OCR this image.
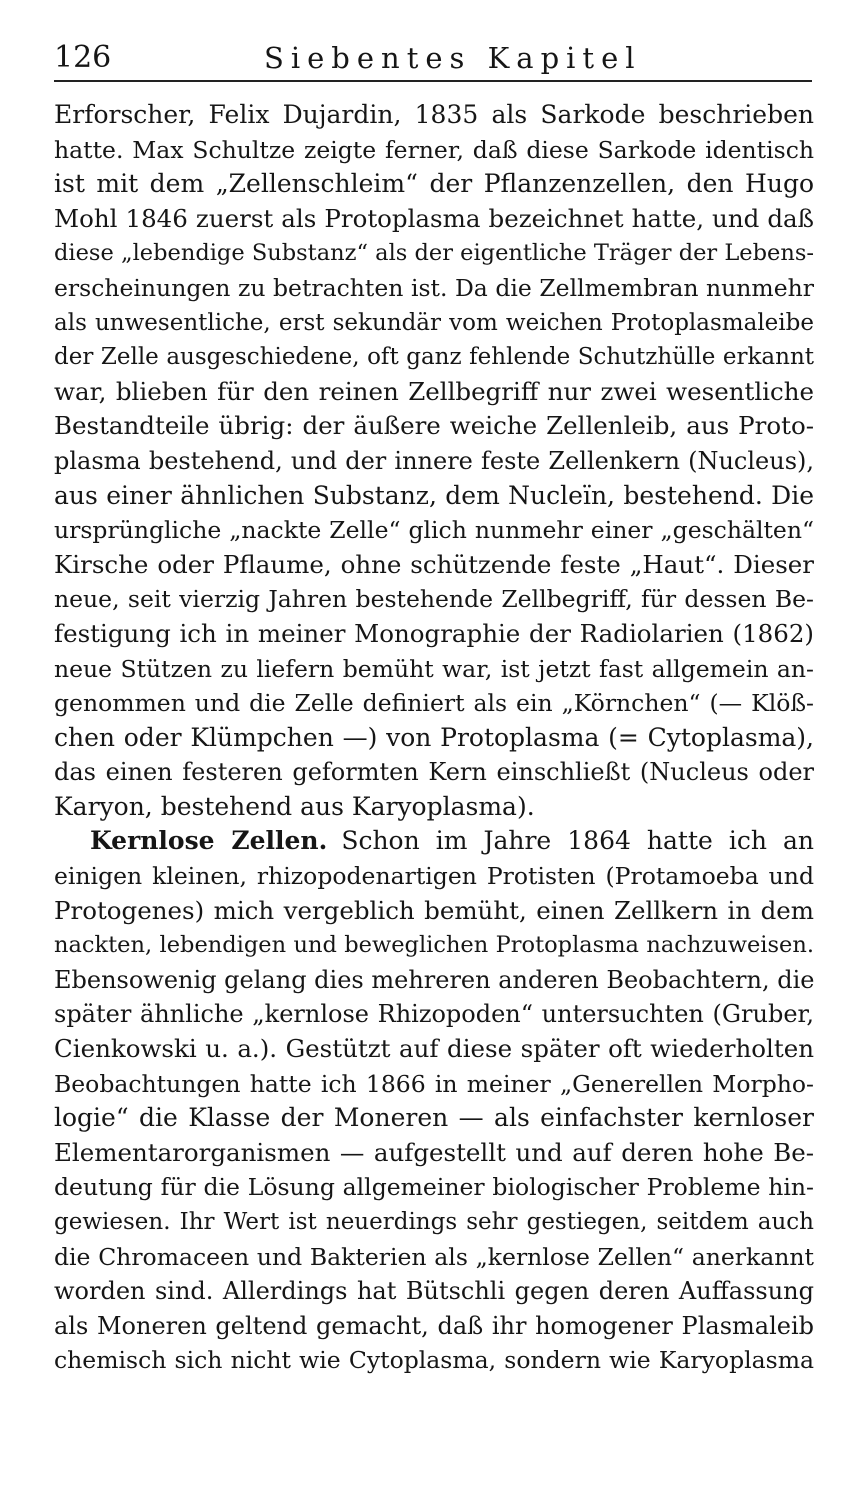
126	Siebentes Kapitel
Erforscher, Felix Dujardin, 1835 als Sarkode beschrieben
hatte. Max Schultze zeigte ferner, daß diese Sarkode identisch
ist mit dem „Zellenschleim“ der Pflanzenzellen, den Hugo
Mohl 1846 zuerst als Protoplasma bezeichnet hatte, und daß
diese „lebendige Substanz“ als der eigentliche Träger der Lebens-
erscheinungen zu betrachten ist. Da die Zellmembran nunmehr
als unwesentliche, erst sekundär vom weichen Protoplasmaleibe
der Zelle ausgeschiedene, oft ganz fehlende Schutzhülle erkannt
war, blieben für den reinen Zellbegriff nur zwei wesentliche
Bestandteile übrig: der äußere weiche Zellenleib, aus Proto-
plasma bestehend, und der innere feste Zellenkern (Nucleus),
aus einer ähnlichen Substanz, dem Nucleïn, bestehend. Die
ursprüngliche „nackte Zelle“ glich nunmehr einer „geschälten“
Kirsche oder Pflaume, ohne schützende feste „Haut“. Dieser
neue, seit vierzig Jahren bestehende Zellbegriff, für dessen Be-
festigung ich in meiner Monographie der Radiolarien (1862)
neue Stützen zu liefern bemüht war, ist jetzt fast allgemein an-
genommen und die Zelle definiert als ein „Körnchen“ (— Klöß-
chen oder Klümpchen —) von Protoplasma (= Cytoplasma),
das einen festeren geformten Kern einschließt (Nucleus oder
Karyon, bestehend aus Karyoplasma).
Kernlose Zellen. Schon im Jahre 1864 hatte ich an
einigen kleinen, rhizopodenartigen Protisten (Protamoeba und
Protogenes) mich vergeblich bemüht, einen Zellkern in dem
nackten, lebendigen und beweglichen Protoplasma nachzuweisen.
Ebensowenig gelang dies mehreren anderen Beobachtern, die
später ähnliche „kernlose Rhizopoden“ untersuchten (Gruber,
Cienkowski u. a.). Gestützt auf diese später oft wiederholten
Beobachtungen hatte ich 1866 in meiner „Generellen Morpho-
logie“ die Klasse der Moneren — als einfachster kernloser
Elementarorganismen — aufgestellt und auf deren hohe Be-
deutung für die Lösung allgemeiner biologischer Probleme hin-
gewiesen. Ihr Wert ist neuerdings sehr gestiegen, seitdem auch
die Chromaceen und Bakterien als „kernlose Zellen“ anerkannt
worden sind. Allerdings hat Bütschli gegen deren Auffassung
als Moneren geltend gemacht, daß ihr homogener Plasmaleib
chemisch sich nicht wie Cytoplasma, sondern wie Karyoplasma
